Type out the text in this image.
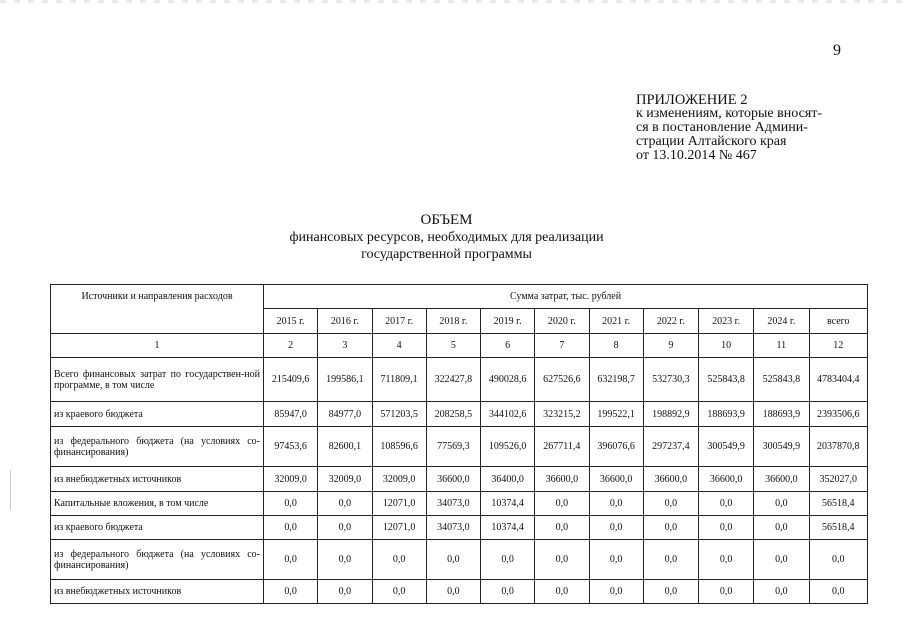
9
ПРИЛОЖЕНИЕ 2
к изменениям, которые вносят-
ся в постановление Админи-
страции Алтайского края
от 13.10.2014 № 467
ОБЪЕМ
финансовых ресурсов, необходимых для реализации
государственной программы
Источники и направления расходов	Сумма затрат, тыс. рублей										
	2015 г.	2016 г.	2017 г.	2018 г.	2019 г.	2020 г.	2021 г.	2022 г.	2023 г.	2024 г.	всего
1	2	3	4	5	6	7	8	9	10	11	12
Всего финансовых затрат по государствен-ной программе, в том числе	215409,6	199586,1	711809,1	322427,8	490028,6	627526,6	632198,7	532730,3	525843,8	525843,8	4783404,4
из краевого бюджета	85947,0	84977,0	571203,5	208258,5	344102,6	323215,2	199522,1	198892,9	188693,9	188693,9	2393506,6
из федерального бюджета (на условиях со-финансирования)	97453,6	82600,1	108596,6	77569,3	109526,0	267711,4	396076,6	297237,4	300549,9	300549,9	2037870,8
из внебюджетных источников	32009,0	32009,0	32009,0	36600,0	36400,0	36600,0	36600,0	36600,0	36600,0	36600,0	352027,0
Капитальные вложения, в том числе	0,0	0,0	12071,0	34073,0	10374,4	0,0	0,0	0,0	0,0	0,0	56518,4
из краевого бюджета	0,0	0,0	12071,0	34073,0	10374,4	0,0	0,0	0,0	0,0	0,0	56518,4
из федерального бюджета (на условиях со-финансирования)	0,0	0,0	0,0	0,0	0,0	0,0	0,0	0,0	0,0	0,0	0,0
из внебюджетных источников	0,0	0,0	0,0	0,0	0,0	0,0	0,0	0,0	0,0	0,0	0,0
